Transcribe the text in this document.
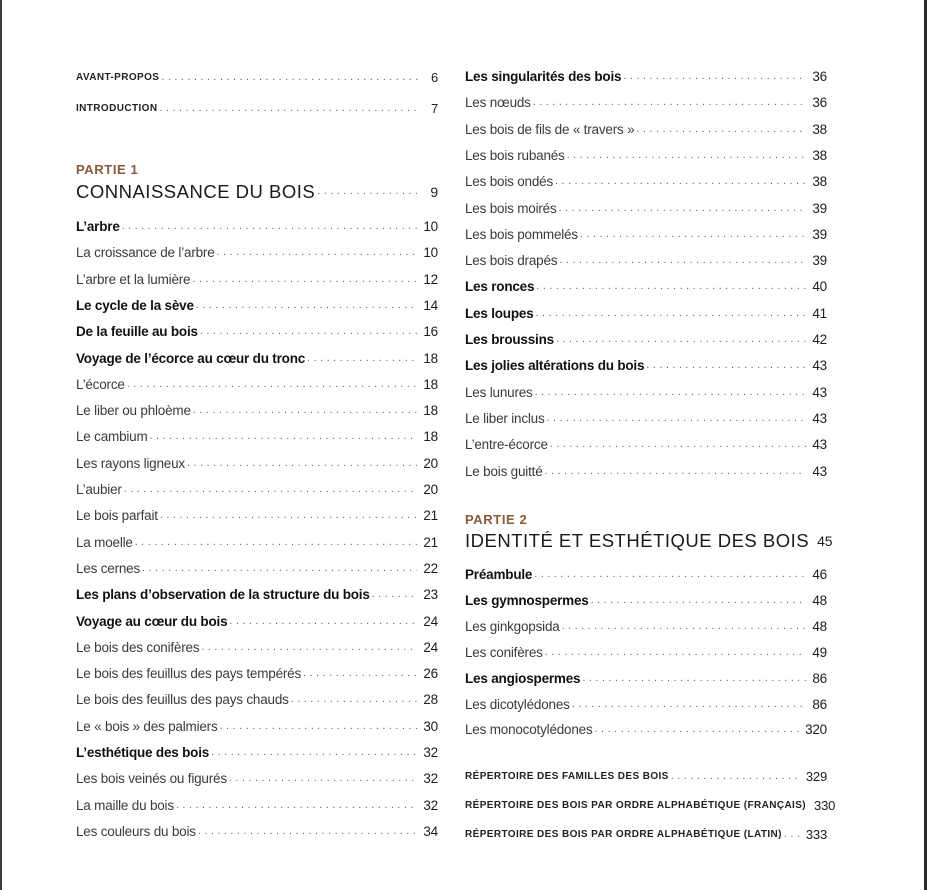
AVANT-PROPOS . . .	6
INTRODUCTION . . .	7
PARTIE 1
CONNAISSANCE DU BOIS . . .	9
L’arbre . . .	10
La croissance de l’arbre . . .	10
L’arbre et la lumière . . .	12
Le cycle de la sève . . .	14
De la feuille au bois . . .	16
Voyage de l’écorce au cœur du tronc . . .	18
L’écorce . . .	18
Le liber ou phloème . . .	18
Le cambium . . .	18
Les rayons ligneux . . .	20
L’aubier . . .	20
Le bois parfait . . .	21
La moelle . . .	21
Les cernes . . .	22
Les plans d’observation de la structure du bois . . .	23
Voyage au cœur du bois . . .	24
Le bois des conifères . . .	24
Le bois des feuillus des pays tempérés . . .	26
Le bois des feuillus des pays chauds . . .	28
Le « bois » des palmiers . . .	30
L’esthétique des bois . . .	32
Les bois veinés ou figurés . . .	32
La maille du bois . . .	32
Les couleurs du bois . . .	34
Les singularités des bois . . .	36
Les nœuds . . .	36
Les bois de fils de « travers » . . .	38
Les bois rubanés . . .	38
Les bois ondés . . .	38
Les bois moirés . . .	39
Les bois pommelés . . .	39
Les bois drapés . . .	39
Les ronces . . .	40
Les loupes . . .	41
Les broussins . . .	42
Les jolies altérations du bois . . .	43
Les lunures . . .	43
Le liber inclus . . .	43
L’entre-écorce . . .	43
Le bois guitté . . .	43
PARTIE 2
IDENTITÉ ET ESTHÉTIQUE DES BOIS 45
Préambule . . .	46
Les gymnospermes . . .	48
Les ginkgopsida . . .	48
Les conifères . . .	49
Les angiospermes . . .	86
Les dicotylédones . . .	86
Les monocotylédones . . .	320
RÉPERTOIRE DES FAMILLES DES BOIS . . .	329
RÉPERTOIRE DES BOIS PAR ORDRE ALPHABÉTIQUE (FRANÇAIS) 330
RÉPERTOIRE DES BOIS PAR ORDRE ALPHABÉTIQUE (LATIN) . . . 333
